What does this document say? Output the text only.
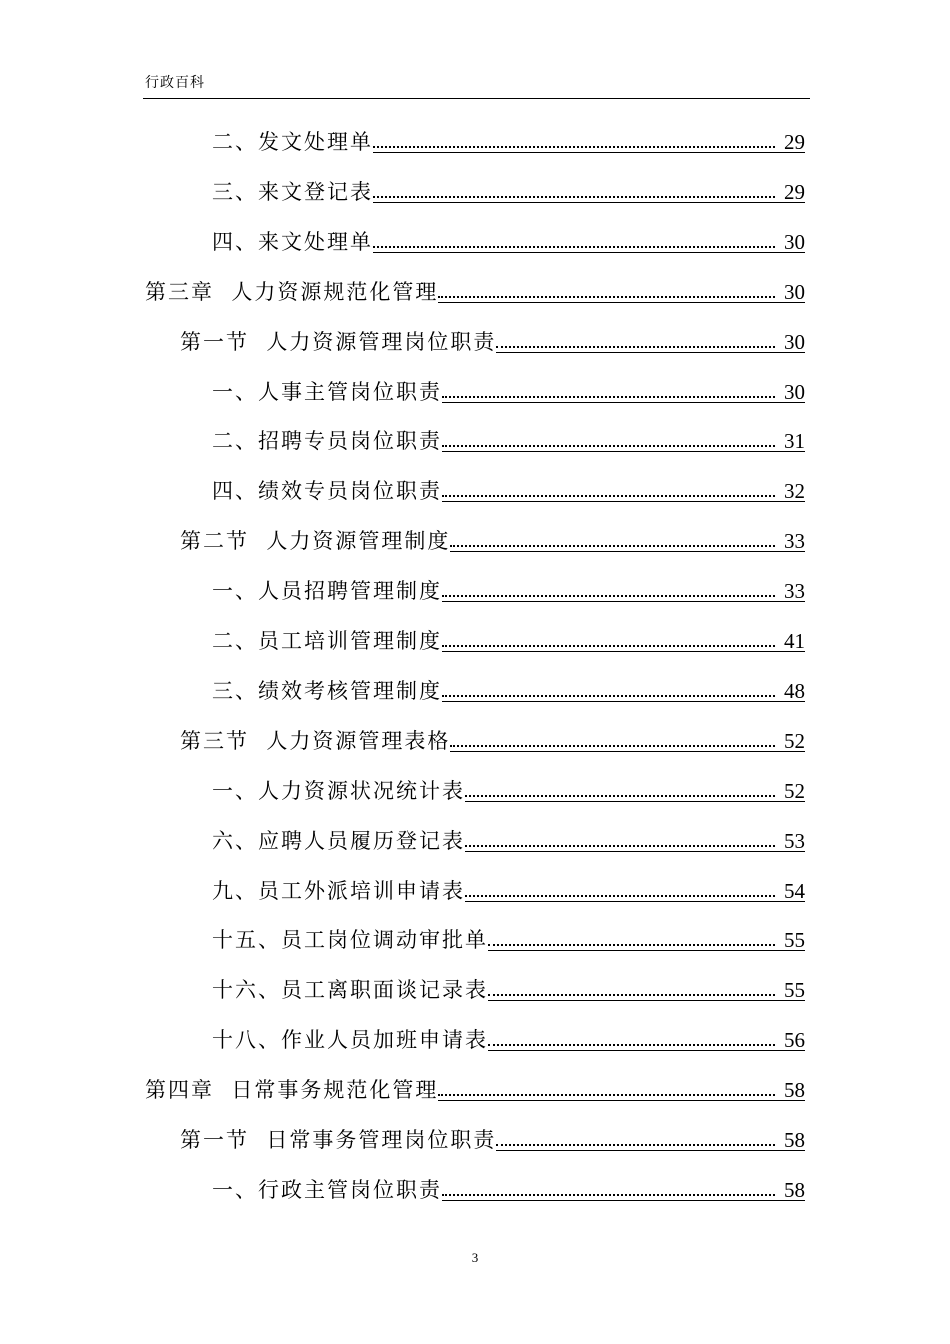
行政百科
二、发文处理单	29
三、来文登记表	29
四、来文处理单	30
第三章  人力资源规范化管理	30
第一节  人力资源管理岗位职责	30
一、人事主管岗位职责	30
二、招聘专员岗位职责	31
四、绩效专员岗位职责	32
第二节  人力资源管理制度	33
一、人员招聘管理制度	33
二、员工培训管理制度	41
三、绩效考核管理制度	48
第三节  人力资源管理表格	52
一、人力资源状况统计表	52
六、应聘人员履历登记表	53
九、员工外派培训申请表	54
十五、员工岗位调动审批单	55
十六、员工离职面谈记录表	55
十八、作业人员加班申请表	56
第四章  日常事务规范化管理	58
第一节  日常事务管理岗位职责	58
一、行政主管岗位职责	58
3
